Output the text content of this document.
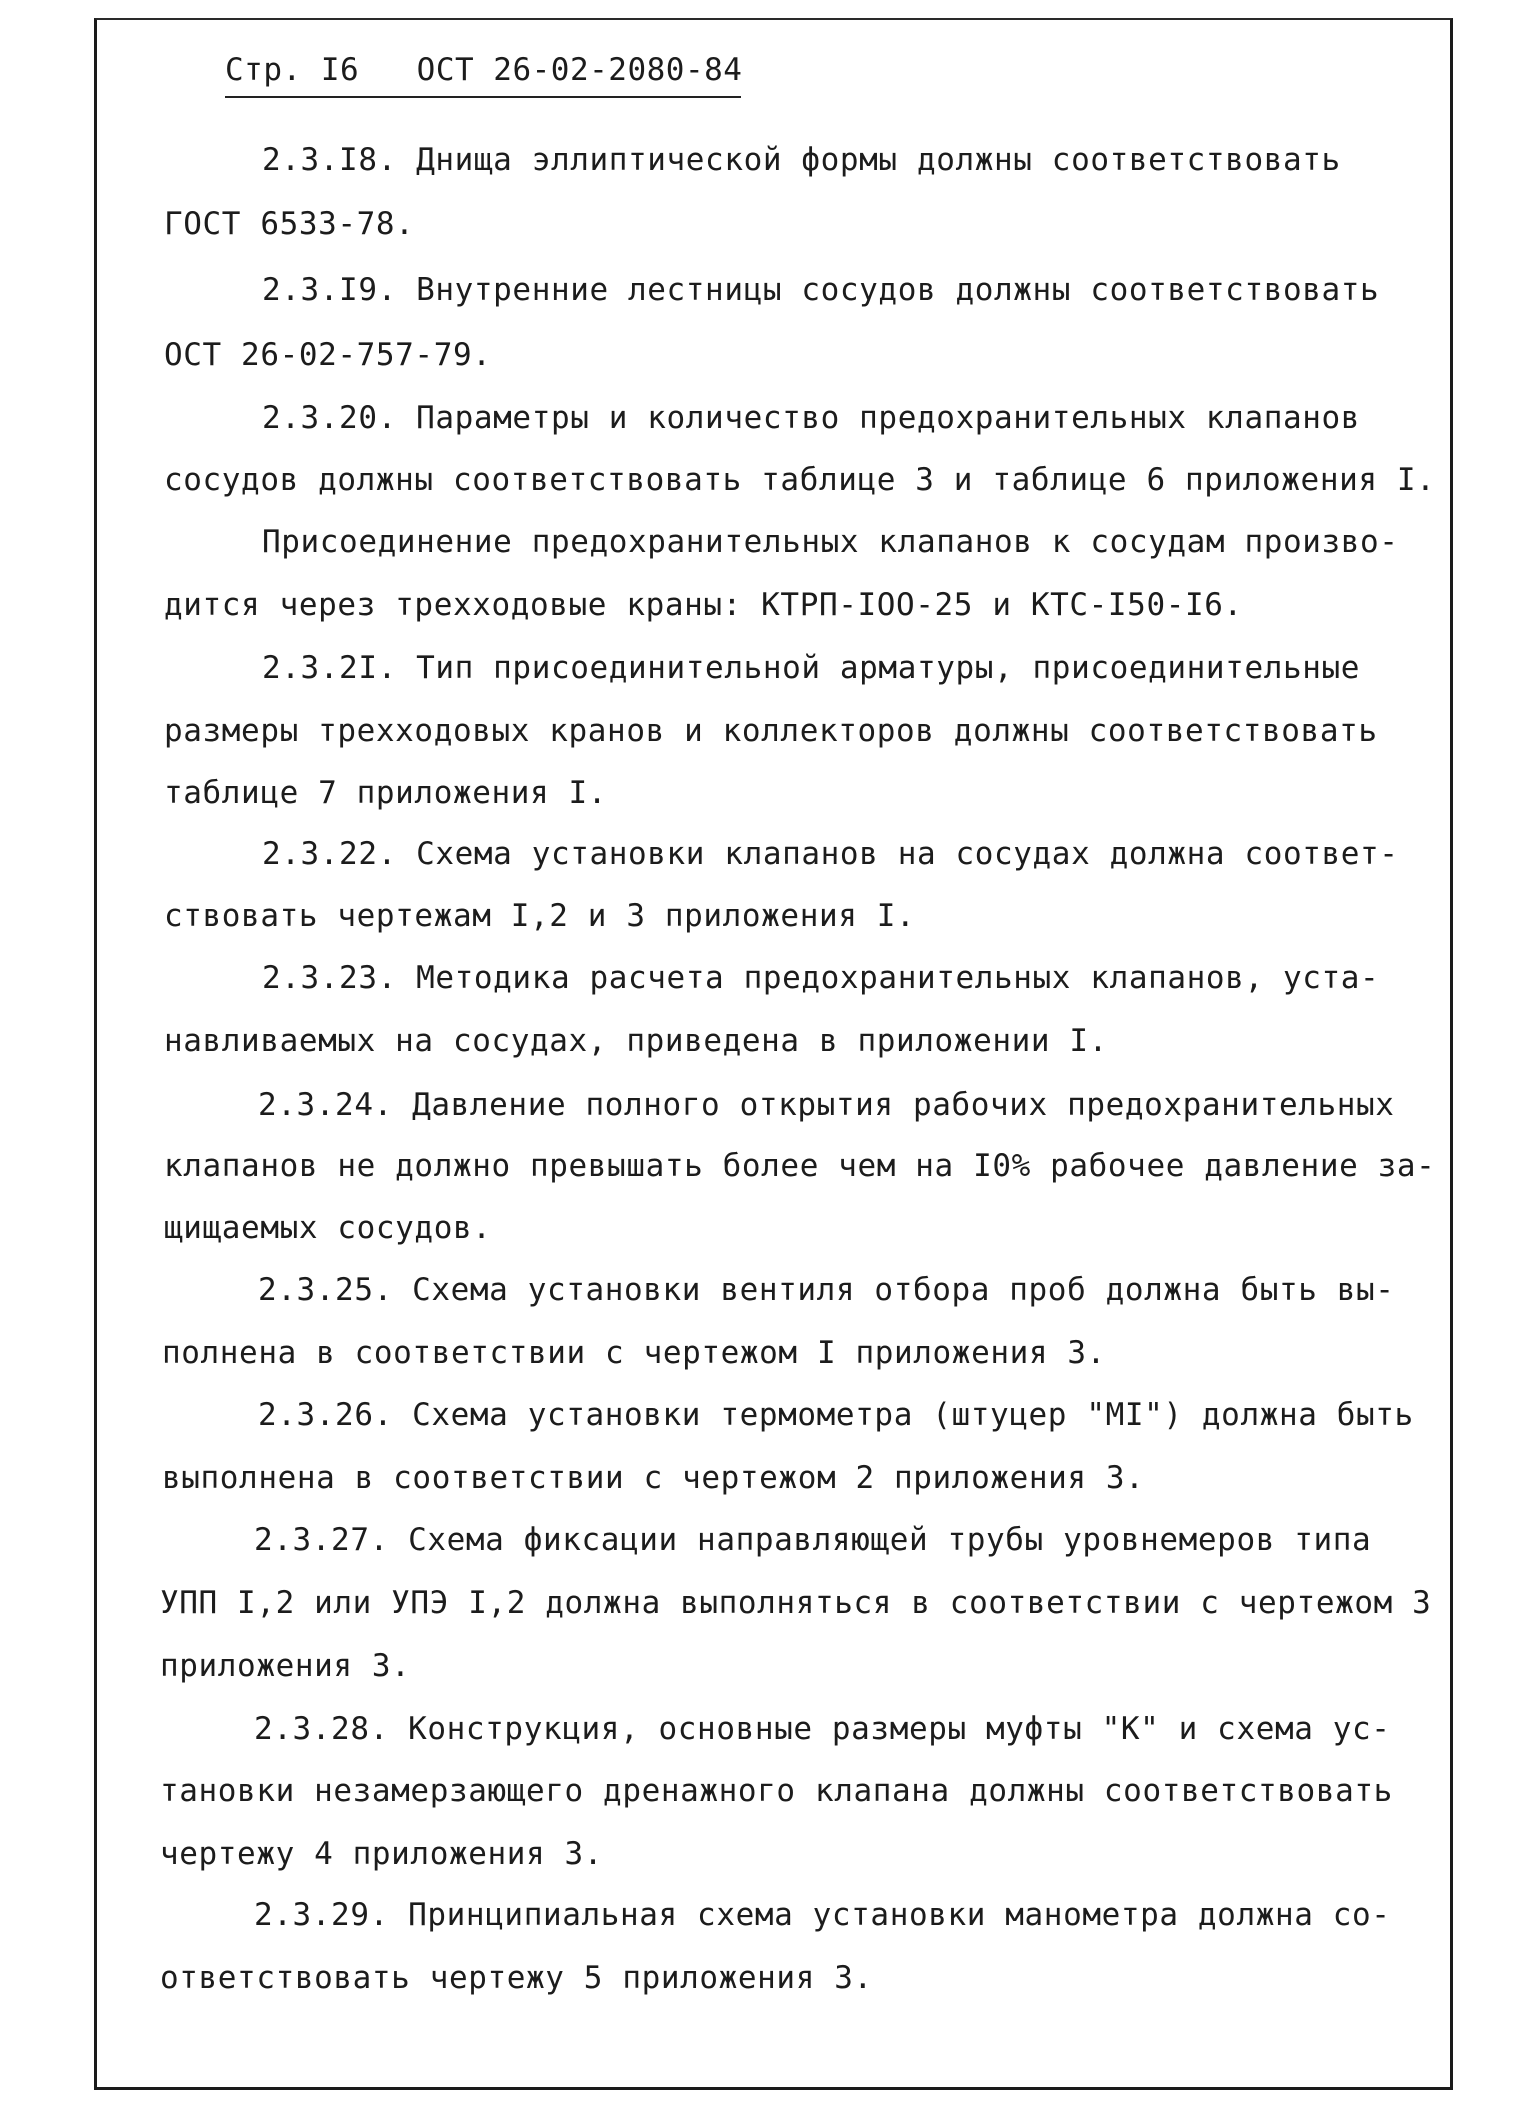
Стр. I6 ОСТ 26-02-2080-84
2.3.I8. Днища эллиптической формы должны соответствовать
ГОСТ 6533-78.
2.3.I9. Внутренние лестницы сосудов должны соответствовать
ОСТ 26-02-757-79.
2.3.20. Параметры и количество предохранительных клапанов
сосудов должны соответствовать таблице 3 и таблице 6 приложения I.
Присоединение предохранительных клапанов к сосудам произво-
дится через трехходовые краны: КТРП-IOO-25 и КТС-I50-I6.
2.3.2I. Тип присоединительной арматуры, присоединительные
размеры трехходовых кранов и коллекторов должны соответствовать
таблице 7 приложения I.
2.3.22. Схема установки клапанов на сосудах должна соответ-
ствовать чертежам I,2 и 3 приложения I.
2.3.23. Методика расчета предохранительных клапанов, уста-
навливаемых на сосудах, приведена в приложении I.
2.3.24. Давление полного открытия рабочих предохранительных
клапанов не должно превышать более чем на I0% рабочее давление за-
щищаемых сосудов.
2.3.25. Схема установки вентиля отбора проб должна быть вы-
полнена в соответствии с чертежом I приложения 3.
2.3.26. Схема установки термометра (штуцер "МI") должна быть
выполнена в соответствии с чертежом 2 приложения 3.
2.3.27. Схема фиксации направляющей трубы уровнемеров типа
УПП I,2 или УПЭ I,2 должна выполняться в соответствии с чертежом 3
приложения 3.
2.3.28. Конструкция, основные размеры муфты "К" и схема ус-
тановки незамерзающего дренажного клапана должны соответствовать
чертежу 4 приложения 3.
2.3.29. Принципиальная схема установки манометра должна со-
ответствовать чертежу 5 приложения 3.
